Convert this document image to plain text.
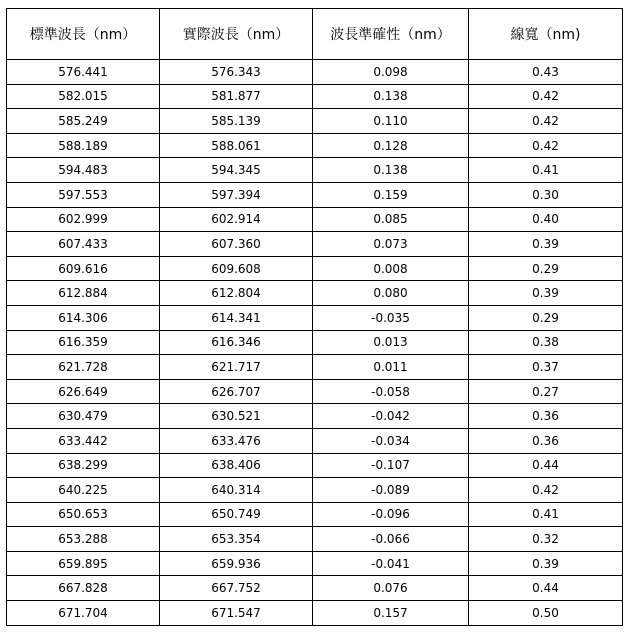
標準波長（nm）	實際波長（nm）	波長準確性（nm）	線寬（nm)
576.441	576.343	0.098	0.43
582.015	581.877	0.138	0.42
585.249	585.139	0.110	0.42
588.189	588.061	0.128	0.42
594.483	594.345	0.138	0.41
597.553	597.394	0.159	0.30
602.999	602.914	0.085	0.40
607.433	607.360	0.073	0.39
609.616	609.608	0.008	0.29
612.884	612.804	0.080	0.39
614.306	614.341	-0.035	0.29
616.359	616.346	0.013	0.38
621.728	621.717	0.011	0.37
626.649	626.707	-0.058	0.27
630.479	630.521	-0.042	0.36
633.442	633.476	-0.034	0.36
638.299	638.406	-0.107	0.44
640.225	640.314	-0.089	0.42
650.653	650.749	-0.096	0.41
653.288	653.354	-0.066	0.32
659.895	659.936	-0.041	0.39
667.828	667.752	0.076	0.44
671.704	671.547	0.157	0.50
